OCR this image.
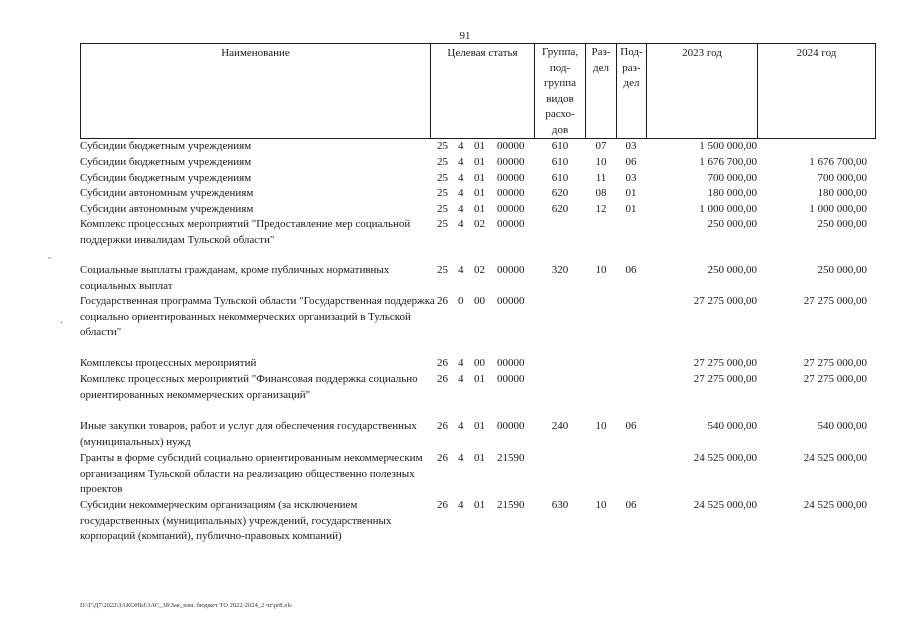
91
Наименование	Целевая статья	Группа,
под-
группа
видов
расхо-
дов
Раз-
дел
Под-
раз-
дел
2023 год	2024 год
Субсидии бюджетным учреждениям	25 4 01	00000	610	07	03	1 500 000,00
Субсидии бюджетным учреждениям	25 4 01	00000	610	10	06	1 676 700,00	1 676 700,00
Субсидии бюджетным учреждениям	25 4 01	00000	610	11	03	700 000,00	700 000,00
Субсидии автономным учреждениям	25 4 01	00000	620	08	01	180 000,00	180 000,00
Субсидии автономным учреждениям	25 4 01	00000	620	12	01	1 000 000,00	1 000 000,00
Комплекс процессных мероприятий "Предоставление мер социальной поддержки инвалидам Тульской области"
25 4 02	00000	250 000,00	250 000,00
Социальные выплаты гражданам, кроме публичных нормативных социальных выплат
25 4 02	00000	320	10	06	250 000,00	250 000,00
Государственная программа Тульской области "Государственная поддержка социально ориентированных некоммерческих организаций в Тульской области"
26 0 00	00000	27 275 000,00	27 275 000,00
Комплексы процессных мероприятий	26 4 00	00000	27 275 000,00	27 275 000,00
Комплекс процессных мероприятий "Финансовая поддержка социально ориентированных некоммерческих организаций"
26 4 01	00000	27 275 000,00	27 275 000,00
Иные закупки товаров, работ и услуг для обеспечения государственных (муниципальных) нужд
26 4 01	00000	240	10	06	540 000,00	540 000,00
Гранты в форме субсидий социально ориентированным некоммерческим организациям Тульской области на реализацию общественно полезных проектов
26 4 01	21590	24 525 000,00	24 525 000,00
Субсидии некоммерческим организациям (за исключением государственных (муниципальных) учреждений, государственных корпораций (компаний), публично-правовых компаний)
26 4 01	21590	630	10	06	24 525 000,00	24 525 000,00
D:\Г\Д7\2022\ЗАКОНЫ\ЗАС_38\Зак_изм. бюджет ТО 2022-2024_2 чт\pr8.xls
˝
·
